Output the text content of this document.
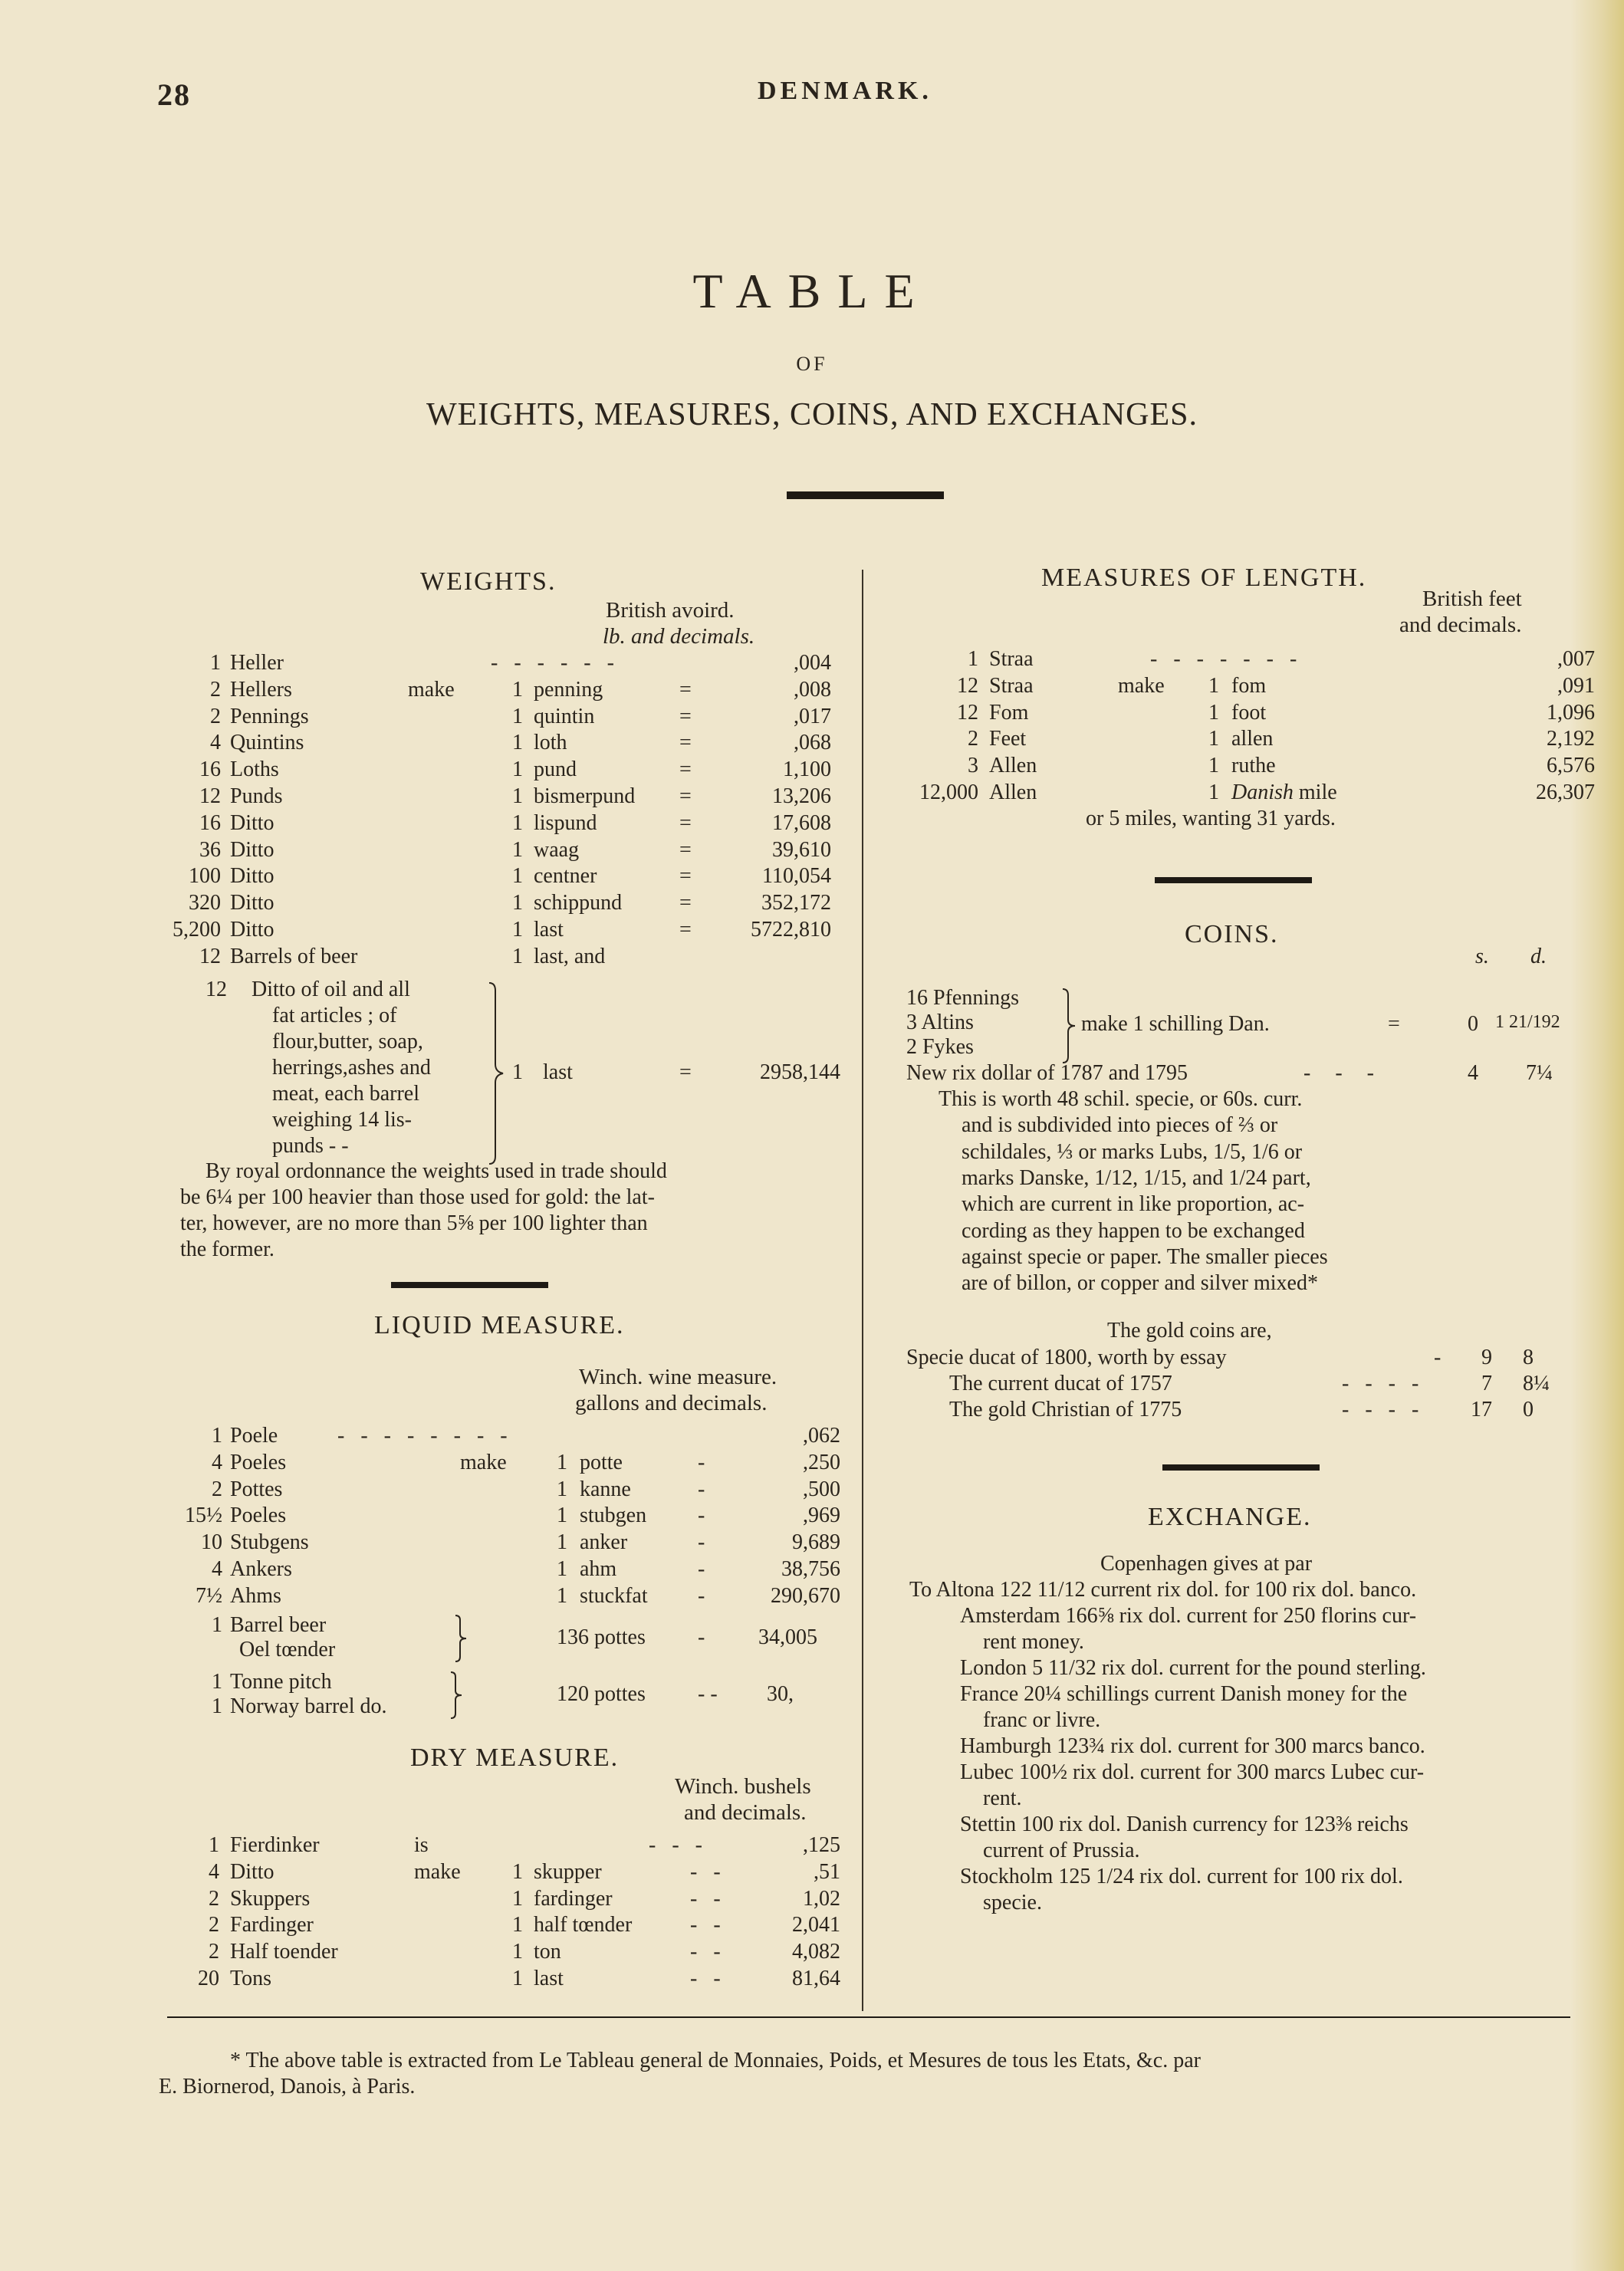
28	DENMARK.
TABLE
OF
WEIGHTS, MEASURES, COINS, AND EXCHANGES.
WEIGHTS.
British avoird.
lb. and decimals.
1 Heller	,004
-   -   -   -   -   -
2 Hellers	make	1 penning	=	,008
2 Pennings	1 quintin	=	,017
4 Quintins	1 loth	=	,068
16 Loths	1 pund	=	1,100
12 Punds	1 bismerpund =	13,206
16 Ditto	1 lispund	=	17,608
36 Ditto	1 waag	=	39,610
100 Ditto	1 centner	=	110,054
320 Ditto	1 schippund	=	352,172
5,200 Ditto	1 last	=	5722,810
12 Barrels of beer	1 last, and
12 Ditto of oil and all
fat articles ; of
flour,butter, soap,
herrings,ashes and
meat, each barrel
weighing 14 lis-
punds - -
1 last	=	2958,144
By royal ordonnance the weights used in trade should
be 6¼ per 100 heavier than those used for gold: the lat-
ter, however, are no more than 5⅝ per 100 lighter than
the former.
LIQUID MEASURE.
Winch. wine measure.
gallons and decimals.
1 Poele	,062
-   -   -   -   -   -   -   -
4 Poeles	make 1 potte	-	,250
2 Pottes	1 kanne	-	,500
15½ Poeles	1 stubgen -	,969
10 Stubgens	1 anker	-	9,689
4 Ankers	1 ahm	-	38,756
7½ Ahms	1 stuckfat -	290,670
1 Barrel beer
Oel tœnder
136 pottes -	34,005
1 Tonne pitch
1 Norway barrel do.
120 pottes - - 30,
DRY MEASURE.
Winch. bushels
and decimals.
1 Fierdinker	is	,125
-   -   -
4 Ditto	make 1 skupper	,51
-   -
2 Skuppers	1 fardinger	1,02
-   -
2 Fardinger	1 half tœnder	2,041
-   -
2 Half toender	1 ton	4,082
-   -
20 Tons	1 last	81,64
-   -
MEASURES OF LENGTH.
British feet
and decimals.
1 Straa	,007
-   -   -   -   -   -   -
12 Straa	make 1 fom	,091
12 Fom	1 foot	1,096
2 Feet	1 allen	2,192
3 Allen	1 ruthe	6,576
12,000 Allen	1 Danish mile	26,307
or 5 miles, wanting 31 yards.
COINS.
s. d.
16 Pfennings
3 Altins
2 Fykes
make 1 schilling Dan.	=	0 1 21/192
New rix dollar of 1787 and 1795	-  -  -	4 7¼
This is worth 48 schil. specie, or 60s. curr.
and is subdivided into pieces of ⅔ or
schildales, ⅓ or marks Lubs, 1/5, 1/6 or
marks Danske, 1/12, 1/15, and 1/24 part,
which are current in like proportion, ac-
cording as they happen to be exchanged
against specie or paper. The smaller pieces
are of billon, or copper and silver mixed*
The gold coins are,
Specie ducat of 1800, worth by essay	-	9 8
The current ducat of 1757	-   -   -   -	7 8¼
The gold Christian of 1775	-   -   -   -	17 0
EXCHANGE.
Copenhagen gives at par
To Altona 122 11/12 current rix dol. for 100 rix dol. banco.
Amsterdam 166⅝ rix dol. current for 250 florins cur-
rent money.
London 5 11/32 rix dol. current for the pound sterling.
France 20¼ schillings current Danish money for the
franc or livre.
Hamburgh 123¾ rix dol. current for 300 marcs banco.
Lubec 100½ rix dol. current for 300 marcs Lubec cur-
rent.
Stettin 100 rix dol. Danish currency for 123⅜ reichs
current of Prussia.
Stockholm 125 1/24 rix dol. current for 100 rix dol.
specie.
* The above table is extracted from Le Tableau general de Monnaies, Poids, et Mesures de tous les Etats, &c. par
E. Biornerod, Danois, à Paris.
